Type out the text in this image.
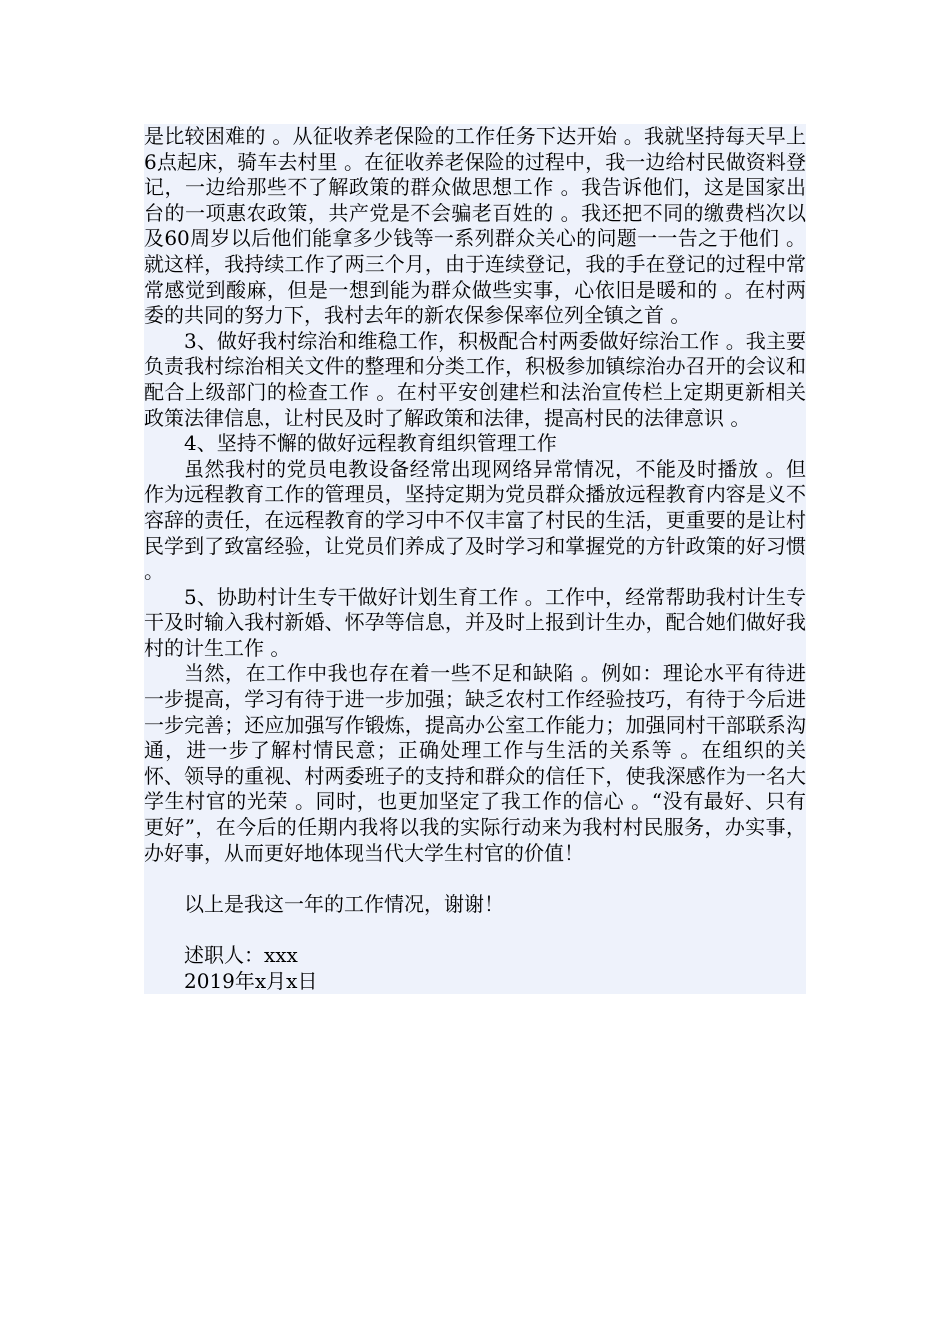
是比较困难的 。从征收养老保险的工作任务下达开始 。我就坚持每天早上6点起床，骑车去村里 。在征收养老保险的过程中，我一边给村民做资料登记，一边给那些不了解政策的群众做思想工作 。我告诉他们，这是国家出台的一项惠农政策，共产党是不会骗老百姓的 。我还把不同的缴费档次以及60周岁以后他们能拿多少钱等一系列群众关心的问题一一告之于他们 。就这样，我持续工作了两三个月，由于连续登记，我的手在登记的过程中常常感觉到酸麻，但是一想到能为群众做些实事，心依旧是暖和的 。在村两委的共同的努力下，我村去年的新农保参保率位列全镇之首 。

3、做好我村综治和维稳工作，积极配合村两委做好综治工作 。我主要负责我村综治相关文件的整理和分类工作，积极参加镇综治办召开的会议和配合上级部门的检查工作 。在村平安创建栏和法治宣传栏上定期更新相关政策法律信息，让村民及时了解政策和法律，提高村民的法律意识 。

4、坚持不懈的做好远程教育组织管理工作

虽然我村的党员电教设备经常出现网络异常情况，不能及时播放 。但作为远程教育工作的管理员，坚持定期为党员群众播放远程教育内容是义不容辞的责任，在远程教育的学习中不仅丰富了村民的生活，更重要的是让村民学到了致富经验，让党员们养成了及时学习和掌握党的方针政策的好习惯 。

5、协助村计生专干做好计划生育工作 。工作中，经常帮助我村计生专干及时输入我村新婚、怀孕等信息，并及时上报到计生办，配合她们做好我村的计生工作 。

当然，在工作中我也存在着一些不足和缺陷 。例如：理论水平有待进一步提高，学习有待于进一步加强；缺乏农村工作经验技巧，有待于今后进一步完善；还应加强写作锻炼，提高办公室工作能力；加强同村干部联系沟通，进一步了解村情民意；正确处理工作与生活的关系等 。在组织的关怀、领导的重视、村两委班子的支持和群众的信任下，使我深感作为一名大学生村官的光荣 。同时，也更加坚定了我工作的信心 。“没有最好、只有更好”，在今后的任期内我将以我的实际行动来为我村村民服务，办实事，办好事，从而更好地体现当代大学生村官的价值！

以上是我这一年的工作情况，谢谢！

述职人：xxx

2019年x月x日
